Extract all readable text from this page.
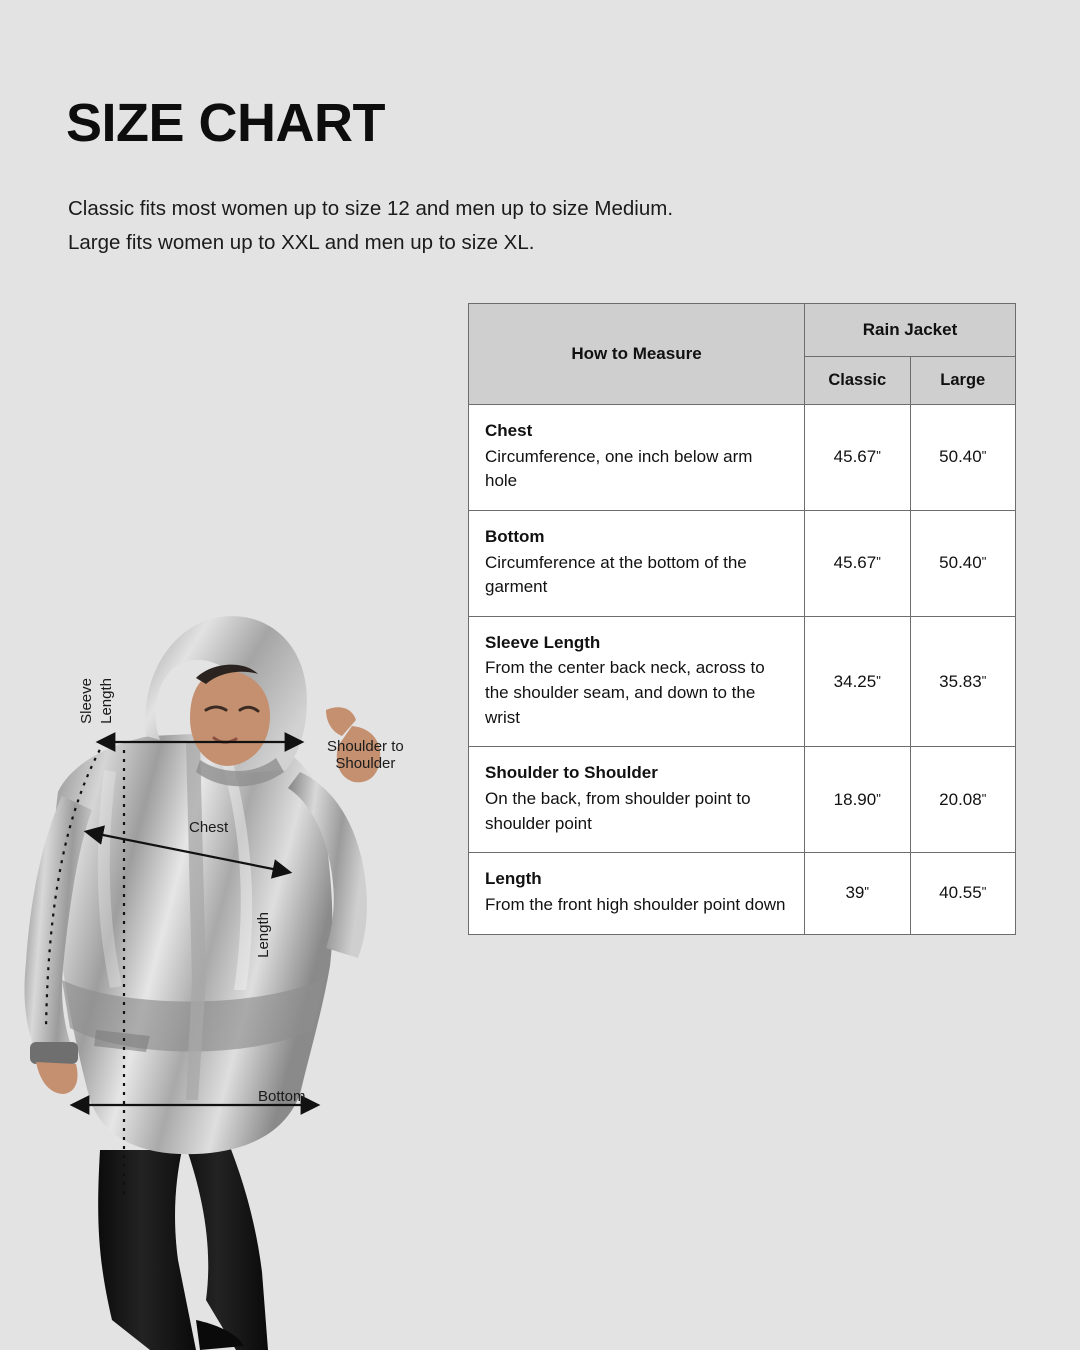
SIZE CHART
Classic fits most women up to size 12 and men up to size Medium.
Large fits women up to XXL and men up to size XL.
How to Measure	Rain Jacket	
	Classic	Large

Chest
Circumference, one inch below arm hole	45.67"	50.40"

Bottom
Circumference at the bottom of the garment	45.67"	50.40"

Sleeve Length
From the center back neck, across to the shoulder seam, and down to the wrist	34.25"	35.83"

Shoulder to Shoulder
On the back, from shoulder point to shoulder point	18.90"	20.08"

Length
From the front high shoulder point down	39"	40.55"
Sleeve Length
Shoulder to
Shoulder
Chest
Length
Bottom
